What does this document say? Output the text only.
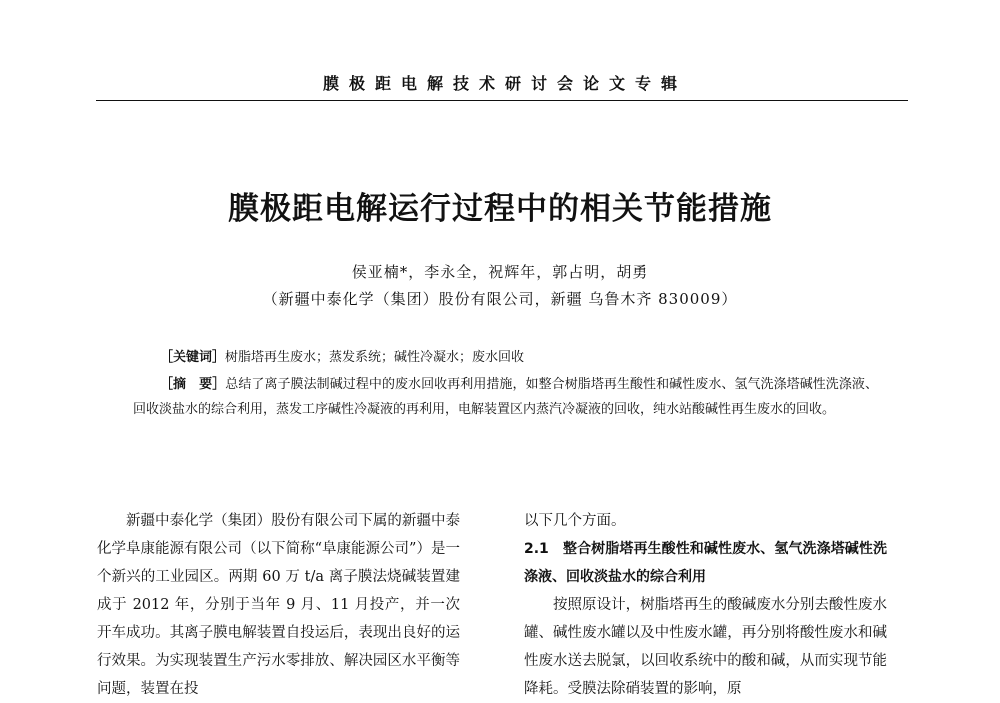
膜极距电解技术研讨会论文专辑
膜极距电解运行过程中的相关节能措施
侯亚楠*，李永全，祝辉年，郭占明，胡勇
（新疆中泰化学（集团）股份有限公司，新疆 乌鲁木齐 830009）
［关键词］树脂塔再生废水；蒸发系统；碱性冷凝水；废水回收
［摘　要］总结了离子膜法制碱过程中的废水回收再利用措施，如整合树脂塔再生酸性和碱性废水、氢气洗涤塔碱性洗涤液、回收淡盐水的综合利用，蒸发工序碱性冷凝液的再利用，电解装置区内蒸汽冷凝液的回收，纯水站酸碱性再生废水的回收。
新疆中泰化学（集团）股份有限公司下属的新疆中泰化学阜康能源有限公司（以下简称“阜康能源公司”）是一个新兴的工业园区。两期 60 万 t/a 离子膜法烧碱装置建成于 2012 年，分别于当年 9 月、11 月投产，并一次开车成功。其离子膜电解装置自投运后，表现出良好的运行效果。为实现装置生产污水零排放、解决园区水平衡等问题，装置在投

以下几个方面。

2.1　整合树脂塔再生酸性和碱性废水、氢气洗涤塔碱性洗涤液、回收淡盐水的综合利用

按照原设计，树脂塔再生的酸碱废水分别去酸性废水罐、碱性废水罐以及中性废水罐，再分别将酸性废水和碱性废水送去脱氯，以回收系统中的酸和碱，从而实现节能降耗。受膜法除硝装置的影响，原
